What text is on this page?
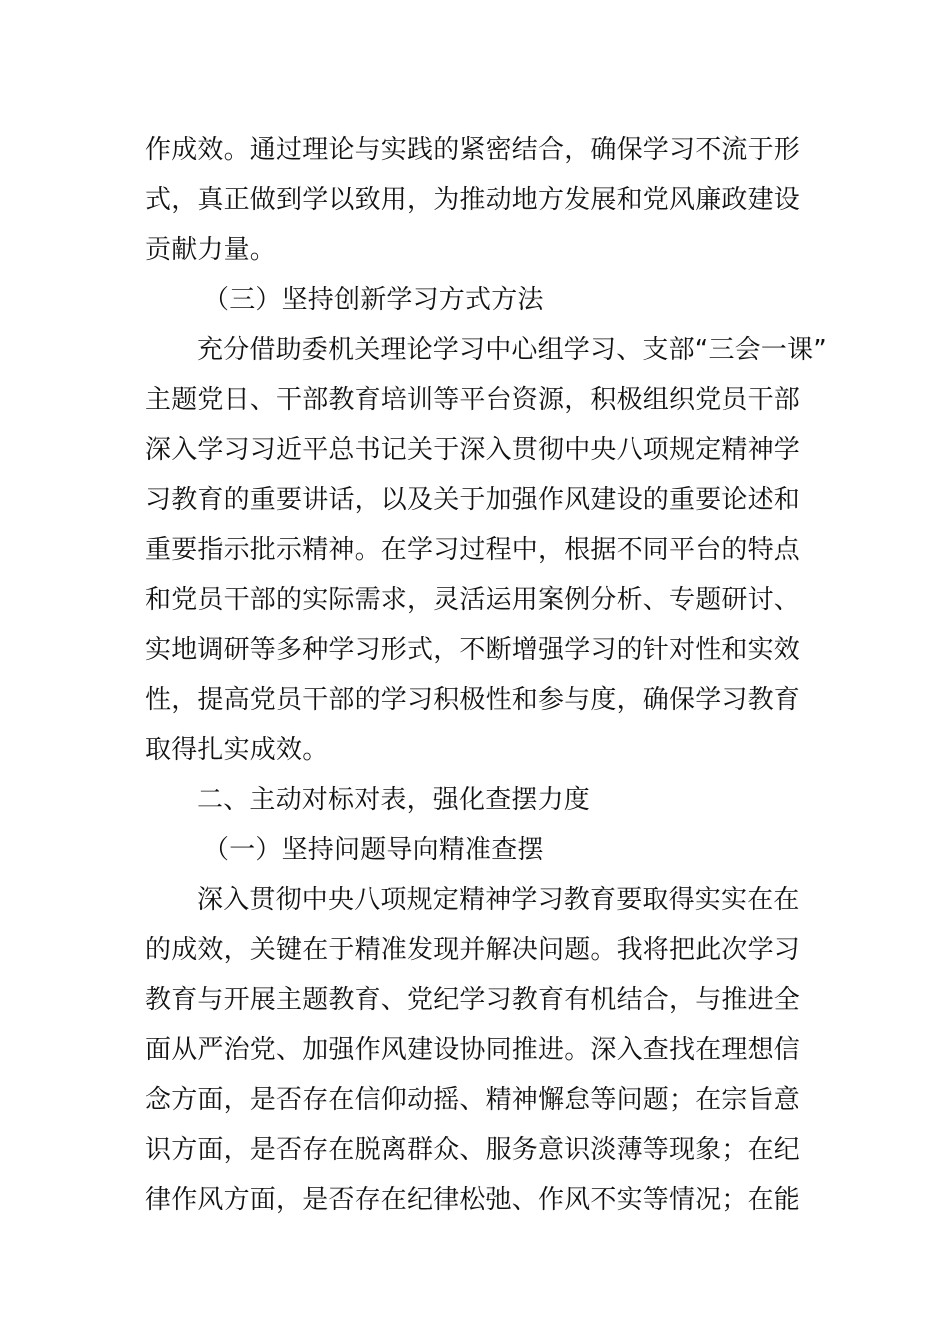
作成效。通过理论与实践的紧密结合，确保学习不流于形
式，真正做到学以致用，为推动地方发展和党风廉政建设
贡献力量。
（三）坚持创新学习方式方法
充分借助委机关理论学习中心组学习、支部“三会一课”
主题党日、干部教育培训等平台资源，积极组织党员干部
深入学习习近平总书记关于深入贯彻中央八项规定精神学
习教育的重要讲话，以及关于加强作风建设的重要论述和
重要指示批示精神。在学习过程中，根据不同平台的特点
和党员干部的实际需求，灵活运用案例分析、专题研讨、
实地调研等多种学习形式，不断增强学习的针对性和实效
性，提高党员干部的学习积极性和参与度，确保学习教育
取得扎实成效。
二、主动对标对表，强化查摆力度
（一）坚持问题导向精准查摆
深入贯彻中央八项规定精神学习教育要取得实实在在
的成效，关键在于精准发现并解决问题。我将把此次学习
教育与开展主题教育、党纪学习教育有机结合，与推进全
面从严治党、加强作风建设协同推进。深入查找在理想信
念方面，是否存在信仰动摇、精神懈怠等问题；在宗旨意
识方面，是否存在脱离群众、服务意识淡薄等现象；在纪
律作风方面，是否存在纪律松弛、作风不实等情况；在能
